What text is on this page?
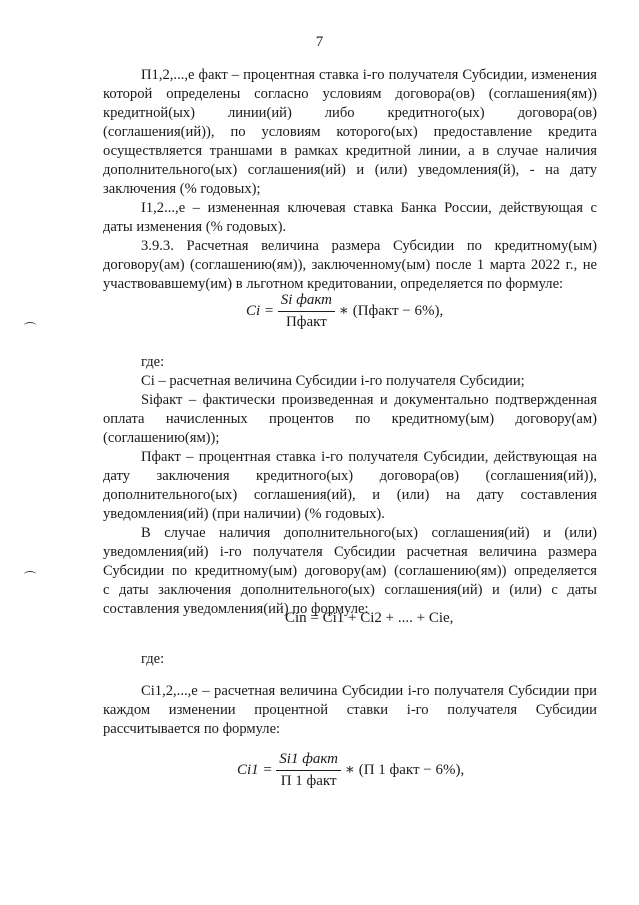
7
П1,2,...,е факт – процентная ставка i-го получателя Субсидии, изменения
которой определены согласно условиям договора(ов) (соглашения(ям))
кредитной(ых) линии(ий) либо кредитного(ых) договора(ов)
(соглашения(ий)), по условиям которого(ых) предоставление кредита
осуществляется траншами в рамках кредитной линии, а в случае наличия
дополнительного(ых) соглашения(ий) и (или) уведомления(й), - на дату
заключения (% годовых);
I1,2...,е – измененная ключевая ставка Банка России, действующая с
даты изменения (% годовых).
3.9.3. Расчетная величина размера Субсидии по кредитному(ым)
договору(ам) (соглашению(ям)), заключенному(ым) после 1 марта 2022 г., не
участвовавшему(им) в льготном кредитовании, определяется по формуле:
$Ci = \frac{\text{Si факт}}{\text{Пфакт}}$ ∗ (Пфакт − 6%),
где:
Ci – расчетная величина Субсидии i-го получателя Субсидии;
Siфакт – фактически произведенная и документально подтвержденная
оплата начисленных процентов по кредитному(ым) договору(ам)
(соглашению(ям));
Пфакт – процентная ставка i-го получателя Субсидии, действующая на
дату заключения кредитного(ых) договора(ов) (соглашения(ий)),
дополнительного(ых) соглашения(ий), и (или) на дату составления
уведомления(ий) (при наличии) (% годовых).
В случае наличия дополнительного(ых) соглашения(ий) и (или)
уведомления(ий) i-го получателя Субсидии расчетная величина размера
Субсидии по кредитному(ым) договору(ам) (соглашению(ям)) определяется
с даты заключения дополнительного(ых) соглашения(ий) и (или) с даты
составления уведомления(ий) по формуле:
Cin = Ci1 + Ci2 + .... + Cie,
где:
Ci1,2,...,е – расчетная величина Субсидии i-го получателя Субсидии при
каждом изменении процентной ставки i-го получателя Субсидии
рассчитывается по формуле:
$Ci1 = \frac{\text{Si1 факт}}{\text{П 1 факт}}$ ∗ (П 1 факт − 6%),
